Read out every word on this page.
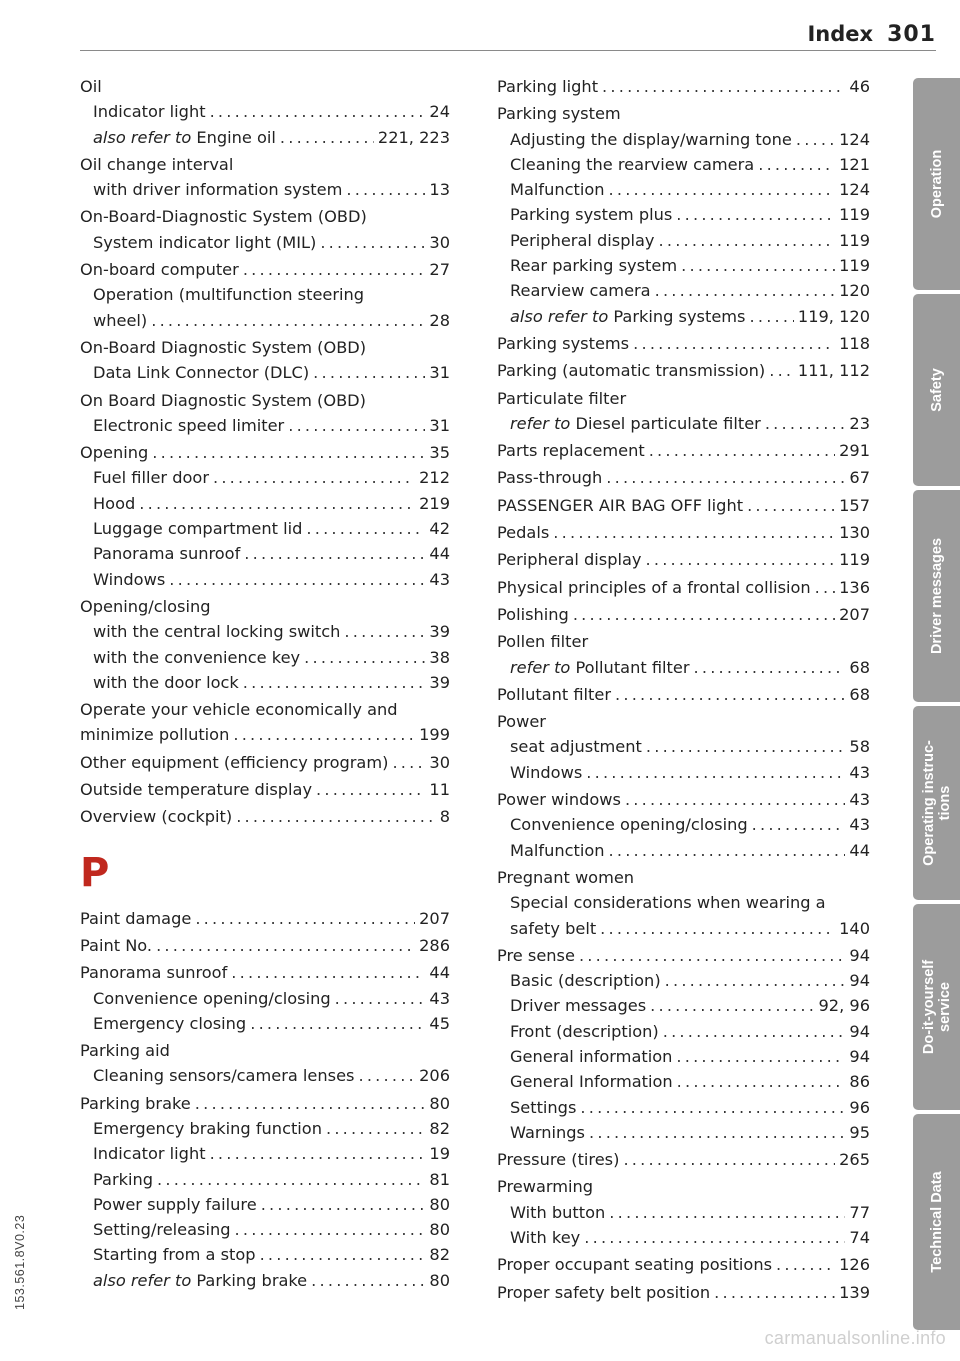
Index 301
Oil
Indicator light .....	24
also refer to Engine oil .....	221, 223
Oil change interval
with driver information system .....	13
On-Board-Diagnostic System (OBD)
System indicator light (MIL) .....	30
On-board computer .....	27
Operation (multifunction steering
wheel) .....	28
On-Board Diagnostic System (OBD)
Data Link Connector (DLC) .....	31
On Board Diagnostic System (OBD)
Electronic speed limiter .....	31
Opening .....	35
Fuel filler door .....	212
Hood .....	219
Luggage compartment lid .....	42
Panorama sunroof .....	44
Windows .....	43
Opening/closing
with the central locking switch .....	39
with the convenience key .....	38
with the door lock .....	39
Operate your vehicle economically and
minimize pollution .....	199
Other equipment (efficiency program) .....	30
Outside temperature display .....	11
Overview (cockpit) .....	8
P
Paint damage .....	207
Paint No. .....	286
Panorama sunroof .....	44
Convenience opening/closing .....	43
Emergency closing .....	45
Parking aid
Cleaning sensors/camera lenses .....	206
Parking brake .....	80
Emergency braking function .....	82
Indicator light .....	19
Parking .....	81
Power supply failure .....	80
Setting/releasing .....	80
Starting from a stop .....	82
also refer to Parking brake .....	80
Parking light .....	46
Parking system
Adjusting the display/warning tone .....	124
Cleaning the rearview camera .....	121
Malfunction .....	124
Parking system plus .....	119
Peripheral display .....	119
Rear parking system .....	119
Rearview camera .....	120
also refer to Parking systems .....	119, 120
Parking systems .....	118
Parking (automatic transmission) ..... 111, 112
Particulate filter
refer to Diesel particulate filter .....	23
Parts replacement .....	291
Pass-through .....	67
PASSENGER AIR BAG OFF light .....	157
Pedals .....	130
Peripheral display .....	119
Physical principles of a frontal collision ..... 136
Polishing .....	207
Pollen filter
refer to Pollutant filter .....	68
Pollutant filter .....	68
Power
seat adjustment .....	58
Windows .....	43
Power windows .....	43
Convenience opening/closing .....	43
Malfunction .....	44
Pregnant women
Special considerations when wearing a
safety belt .....	140
Pre sense .....	94
Basic (description) .....	94
Driver messages .....	92, 96
Front (description) .....	94
General information .....	94
General Information .....	86
Settings .....	96
Warnings .....	95
Pressure (tires) .....	265
Prewarming
With button .....	77
With key .....	74
Proper occupant seating positions .....	126
Proper safety belt position .....	139
Operation
Safety
Driver messages
Operating instruc-
tions
Do-it-yourself
service
Technical Data
153.561.8V0.23
carmanualsonline.info
